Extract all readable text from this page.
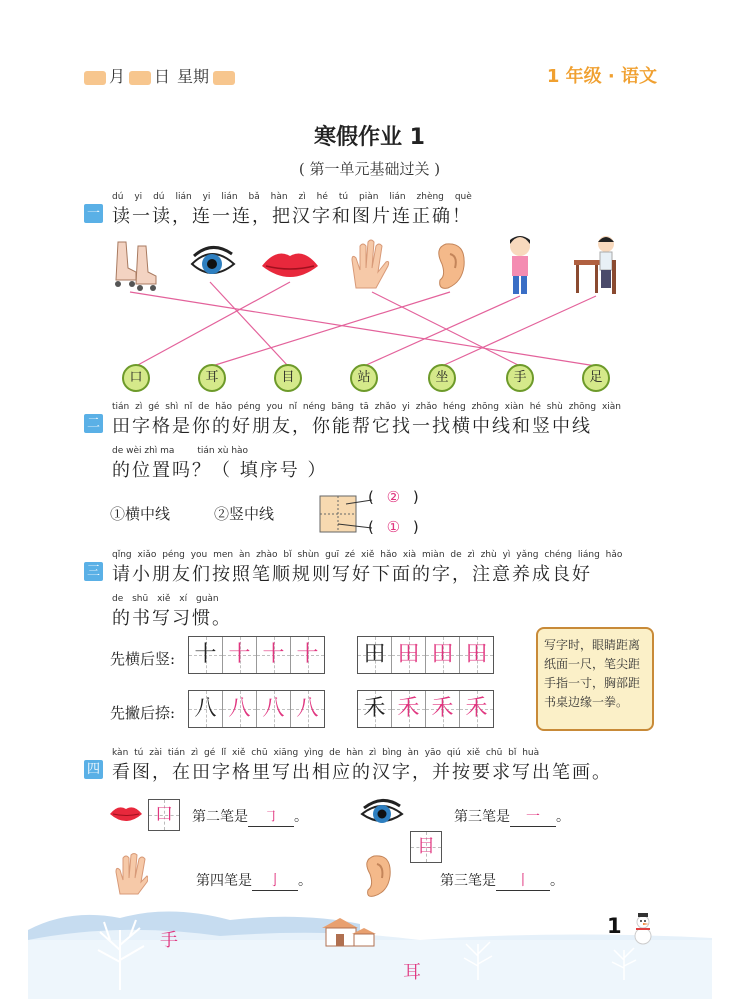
月 日 星期	1 年级 · 语文
寒假作业 1
( 第一单元基础过关 )
一
dú yi dú lián yi lián bǎ hàn zì hé tú piàn lián zhèng què
读一读，连一连，把汉字和图片连正确！
口	耳	目	站	坐	手	足
二
tián zì gé shì nǐ de hǎo péng you nǐ néng bāng tā zhǎo yi zhǎo héng zhōng xiàn hé shù zhōng xiàn
田字格是你的好朋友，你能帮它找一找横中线和竖中线
de wèi zhì ma        tián xù hào
的位置吗？（ 填序号 ）
①横中线	②竖中线
( ② )
( ① )
三
qǐng xiǎo péng you men àn zhào bǐ shùn guī zé xiě hǎo xià miàn de zì zhù yì yǎng chéng liáng hǎo
请小朋友们按照笔顺规则写好下面的字，注意养成良好
de shū xiě xí guàn
的书写习惯。
先横后竖:
先撇后捺:
十 十 十 十 田 田 田 田
八 八 八 八 禾 禾 禾 禾
写字时，眼睛距离纸面一尺，笔尖距手指一寸，胸部距书桌边缘一拳。
四
kàn tú zài tián zì gé lǐ xiě chū xiāng yìng de hàn zì bìng àn yāo qiú xiě chū bǐ huà
看图，在田字格里写出相应的汉字，并按要求写出笔画。
口	第二笔是 ㇆ 。
目
第三笔是 一 。
手
第四笔是 亅 。
耳
第三笔是 丨 。
1
